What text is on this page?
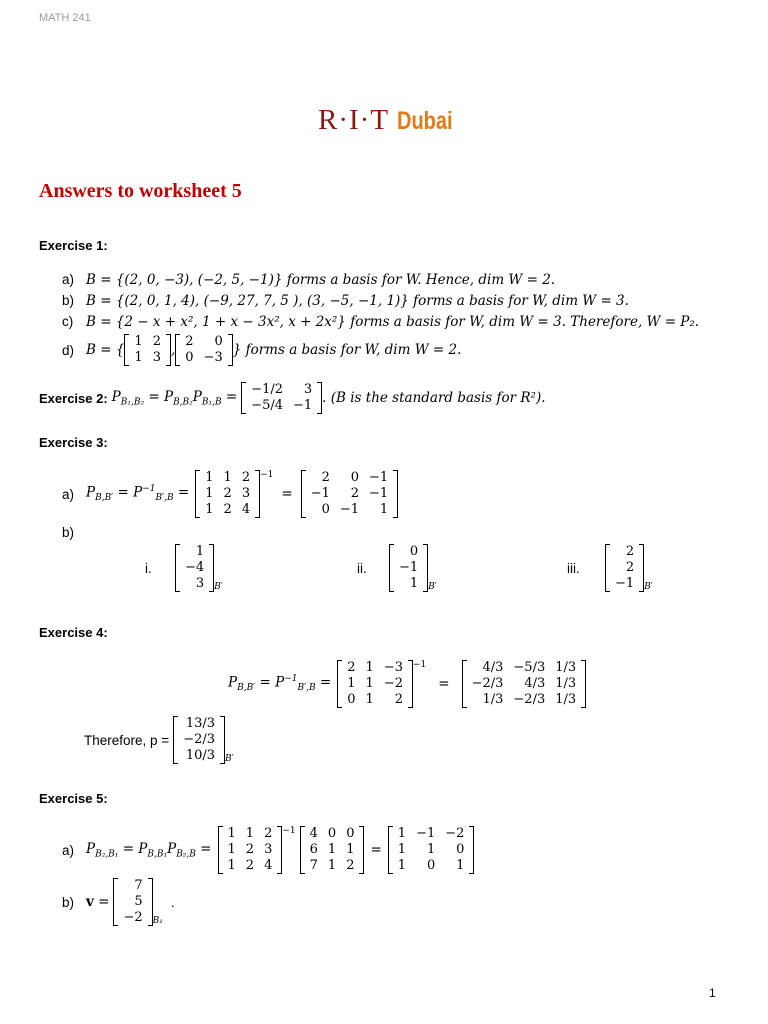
MATH 241
R·I·T Dubai
Answers to worksheet 5
Exercise 1:
a) B = {(2, 0, −3), (−2, 5, −1)} forms a basis for W. Hence, dim W = 2.
b) B = {(2, 0, 1, 4), (−9, 27, 7, 5 ), (3, −5, −1, 1)} forms a basis for W, dim W = 3.
c) B = {2 − x + x², 1 + x − 3x², x + 2x²} forms a basis for W, dim W = 3. Therefore, W = P₂.
d) B = {
1	2
1	3 ,
2	0
0	−3 } forms a basis for W, dim W = 2.
Exercise 2: $P_{B_1,B_2} = P_{B,B_2}P_{B_1,B} = -1/2$	3
−5/4	−1 . (B is the standard basis for R²).
Exercise 3:
a) $P_{B,B'} = P^{-1}_{B',B}$ =
1	1	2
1	2	3
1	2	4
−1
=
2	0	−1
−1	2	−1
0	−1	1
b)
i.
1
−4
3 B′
ii.
0
−1
1 B′
iii.
2
2
−1 B′
Exercise 4:
$P_{B,B'} = P^{-1}_{B',B}$ =
2	1	−3
1	1	−2
0	1	2
−1
=
4/3	−5/3	1/3
−2/3	4/3	1/3
1/3	−2/3	1/3
Therefore, p =
13/3
−2/3
10/3 B′
Exercise 5:
a) $P_{B_2,B_1} = P_{B,B_1}P_{B_2,B}$ =
1	1	2
1	2	3
1	2	4
−1 4	0	0
6	1	1
7	1	2
=
1	−1	−2
1	1	0
1	0	1
b) v =
7
5
−2 B₁
.
1
